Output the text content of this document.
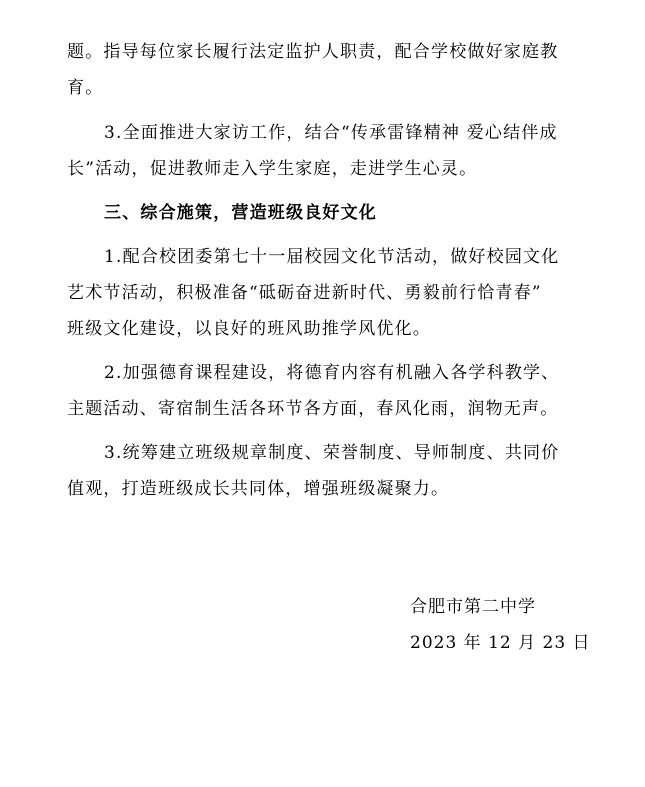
题。指导每位家长履行法定监护人职责，配合学校做好家庭教
育。
3.全面推进大家访工作，结合“传承雷锋精神 爱心结伴成
长”活动，促进教师走入学生家庭，走进学生心灵。
三、综合施策，营造班级良好文化
1.配合校团委第七十一届校园文化节活动，做好校园文化
艺术节活动，积极准备“砥砺奋进新时代、勇毅前行恰青春”
班级文化建设，以良好的班风助推学风优化。
2.加强德育课程建设，将德育内容有机融入各学科教学、
主题活动、寄宿制生活各环节各方面，春风化雨，润物无声。
3.统筹建立班级规章制度、荣誉制度、导师制度、共同价
值观，打造班级成长共同体，增强班级凝聚力。
合肥市第二中学
2023 年 12 月 23 日
